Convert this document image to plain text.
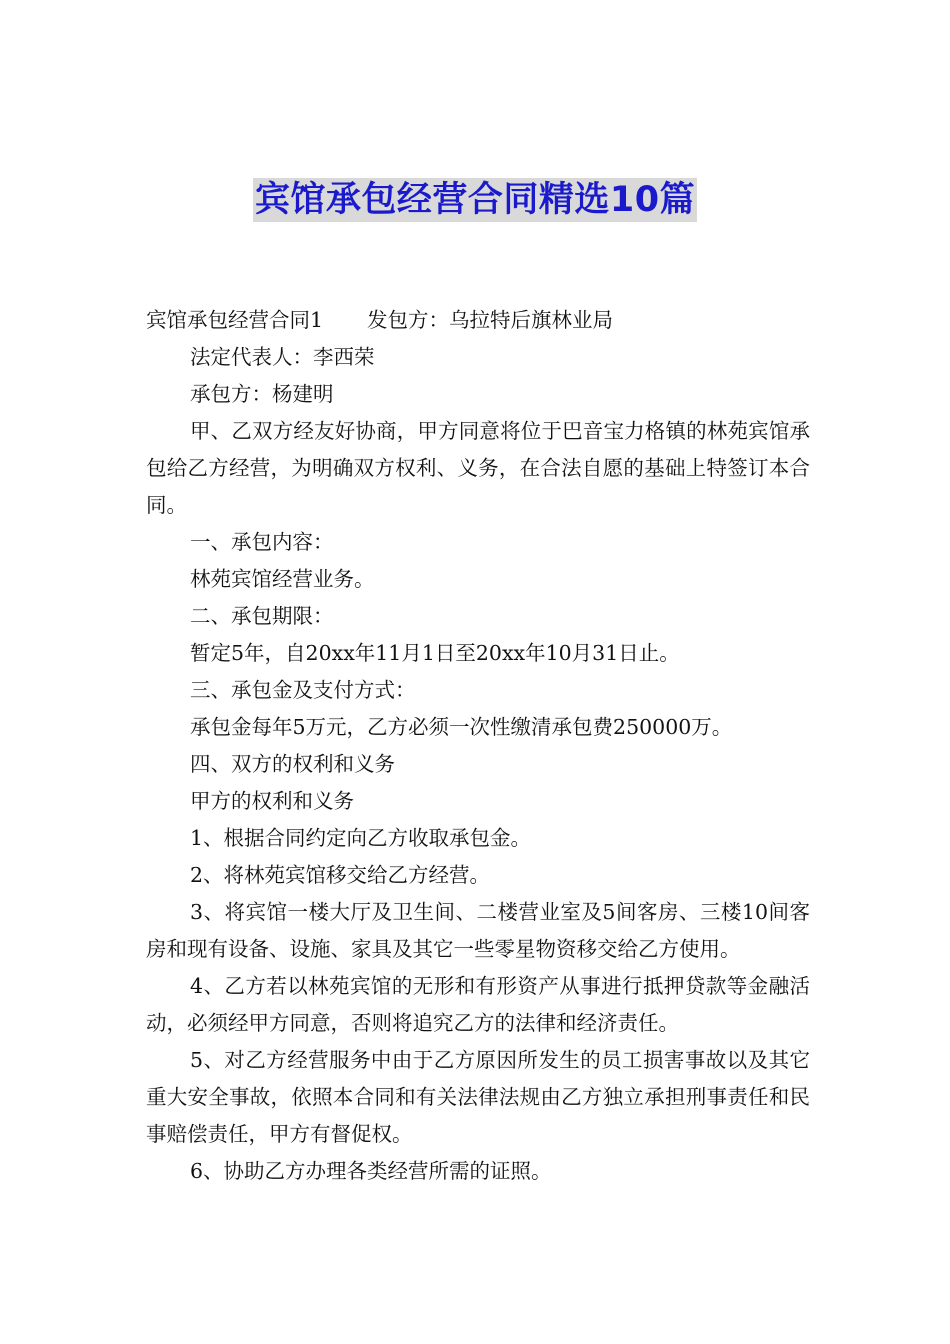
宾馆承包经营合同精选10篇

宾馆承包经营合同1 发包方：乌拉特后旗林业局

法定代表人：李西荣

承包方：杨建明

甲、乙双方经友好协商，甲方同意将位于巴音宝力格镇的林苑宾馆承包给乙方经营，为明确双方权利、义务，在合法自愿的基础上特签订本合同。

一、承包内容：

林苑宾馆经营业务。

二、承包期限：

暂定5年，自20xx年11月1日至20xx年10月31日止。

三、承包金及支付方式：

承包金每年5万元，乙方必须一次性缴清承包费250000万。

四、双方的权利和义务

甲方的权利和义务

1、根据合同约定向乙方收取承包金。

2、将林苑宾馆移交给乙方经营。

3、将宾馆一楼大厅及卫生间、二楼营业室及5间客房、三楼10间客房和现有设备、设施、家具及其它一些零星物资移交给乙方使用。

4、乙方若以林苑宾馆的无形和有形资产从事进行抵押贷款等金融活动，必须经甲方同意，否则将追究乙方的法律和经济责任。

5、对乙方经营服务中由于乙方原因所发生的员工损害事故以及其它重大安全事故，依照本合同和有关法律法规由乙方独立承担刑事责任和民事赔偿责任，甲方有督促权。

6、协助乙方办理各类经营所需的证照。
